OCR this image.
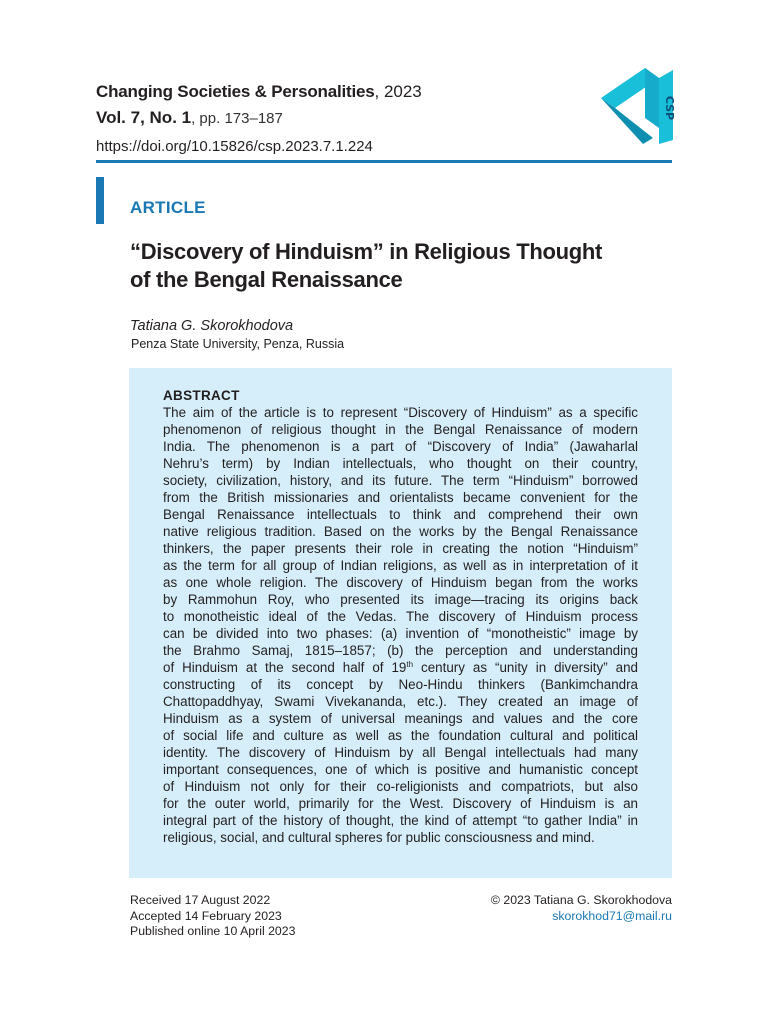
Changing Societies & Personalities, 2023
Vol. 7, No. 1, pp. 173–187
https://doi.org/10.15826/csp.2023.7.1.224
CSP
ARTICLE
“Discovery of Hinduism” in Religious Thought
of the Bengal Renaissance
Tatiana G. Skorokhodova
Penza State University, Penza, Russia
ABSTRACT
The aim of the article is to represent “Discovery of Hinduism” as a specific
phenomenon of religious thought in the Bengal Renaissance of modern
India. The phenomenon is a part of “Discovery of India” (Jawaharlal
Nehru’s term) by Indian intellectuals, who thought on their country,
society, civilization, history, and its future. The term “Hinduism” borrowed
from the British missionaries and orientalists became convenient for the
Bengal Renaissance intellectuals to think and comprehend their own
native religious tradition. Based on the works by the Bengal Renaissance
thinkers, the paper presents their role in creating the notion “Hinduism”
as the term for all group of Indian religions, as well as in interpretation of it
as one whole religion. The discovery of Hinduism began from the works
by Rammohun Roy, who presented its image—tracing its origins back
to monotheistic ideal of the Vedas. The discovery of Hinduism process
can be divided into two phases: (a) invention of “monotheistic” image by
the Brahmo Samaj, 1815–1857; (b) the perception and understanding
of Hinduism at the second half of 19th century as “unity in diversity” and
constructing of its concept by Neo-Hindu thinkers (Bankimchandra
Chattopaddhyay, Swami Vivekananda, etc.). They created an image of
Hinduism as a system of universal meanings and values and the core
of social life and culture as well as the foundation cultural and political
identity. The discovery of Hinduism by all Bengal intellectuals had many
important consequences, one of which is positive and humanistic concept
of Hinduism not only for their co-religionists and compatriots, but also
for the outer world, primarily for the West. Discovery of Hinduism is an
integral part of the history of thought, the kind of attempt “to gather India” in
religious, social, and cultural spheres for public consciousness and mind.
Received 17 August 2022
Accepted 14 February 2023
Published online 10 April 2023
© 2023 Tatiana G. Skorokhodova
skorokhod71@mail.ru
